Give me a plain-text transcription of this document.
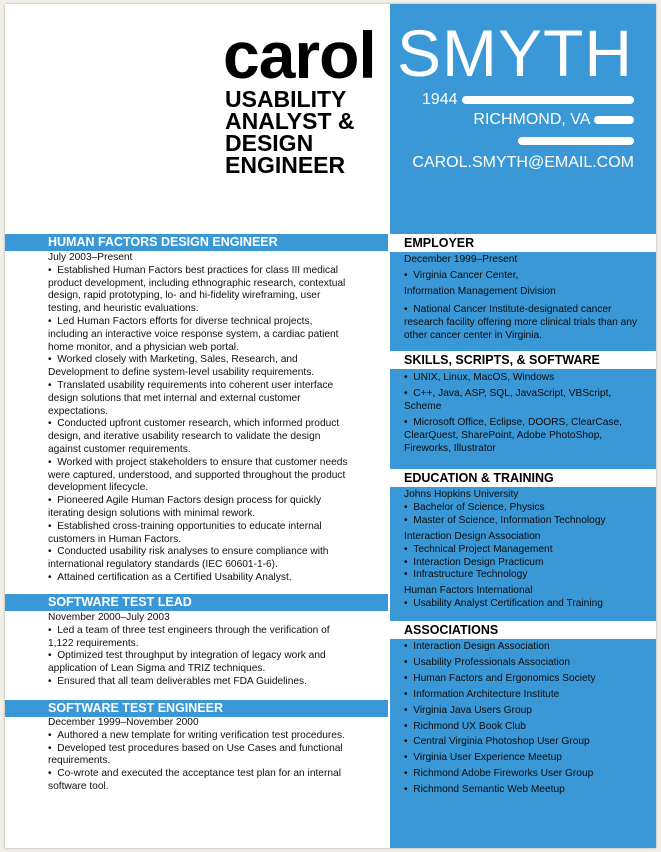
carol SMYTH
USABILITY
ANALYST &
DESIGN
ENGINEER
1944
RICHMOND, VA
CAROL.SMYTH@EMAIL.COM
HUMAN FACTORS DESIGN ENGINEER

July 2003–Present

•  Established Human Factors best practices for class III medical product development, including ethnographic research, contextual design, rapid prototyping, lo- and hi-fidelity wireframing, user testing, and heuristic evaluations.

•  Led Human Factors efforts for diverse technical projects, including an interactive voice response system, a cardiac patient home monitor, and a physician web portal.

•  Worked closely with Marketing, Sales, Research, and Development to define system-level usability requirements.

•  Translated usability requirements into coherent user interface design solutions that met internal and external customer expectations.

•  Conducted upfront customer research, which informed product design, and iterative usability research to validate the design against customer requirements.

•  Worked with project stakeholders to ensure that customer needs were captured, understood, and supported throughout the product development lifecycle.

•  Pioneered Agile Human Factors design process for quickly iterating design solutions with minimal rework.

•  Established cross-training opportunities to educate internal customers in Human Factors.

•  Conducted usability risk analyses to ensure compliance with international regulatory standards (IEC 60601-1-6).

•  Attained certification as a Certified Usability Analyst.

SOFTWARE TEST LEAD

November 2000–July 2003

•  Led a team of three test engineers through the verification of 1,122 requirements.

•  Optimized test throughput by integration of legacy work and application of Lean Sigma and TRIZ techniques.

•  Ensured that all team deliverables met FDA Guidelines.

SOFTWARE TEST ENGINEER

December 1999–November 2000

•  Authored a new template for writing verification test procedures.

•  Developed test procedures based on Use Cases and functional requirements.

•  Co-wrote and executed the acceptance test plan for an internal software tool.

EMPLOYER

December 1999–Present

•  Virginia Cancer Center,

Information Management Division

•  National Cancer Institute-designated cancer research facility offering more clinical trials than any other cancer center in Virginia.

SKILLS, SCRIPTS, & SOFTWARE

•  UNIX, Linux, MacOS, Windows

•  C++, Java, ASP, SQL, JavaScript, VBScript, Scheme

•  Microsoft Office, Eclipse, DOORS, ClearCase, ClearQuest, SharePoint, Adobe PhotoShop, Fireworks, Illustrator

EDUCATION & TRAINING

Johns Hopkins University

•  Bachelor of Science, Physics

•  Master of Science, Information Technology

Interaction Design Association

•  Technical Project Management

•  Interaction Design Practicum

•  Infrastructure Technology

Human Factors International

•  Usability Analyst Certification and Training

ASSOCIATIONS

•  Interaction Design Association

•  Usability Professionals Association

•  Human Factors and Ergonomics Society

•  Information Architecture Institute

•  Virginia Java Users Group

•  Richmond UX Book Club

•  Central Virginia Photoshop User Group

•  Virginia User Experience Meetup

•  Richmond Adobe Fireworks User Group

•  Richmond Semantic Web Meetup
